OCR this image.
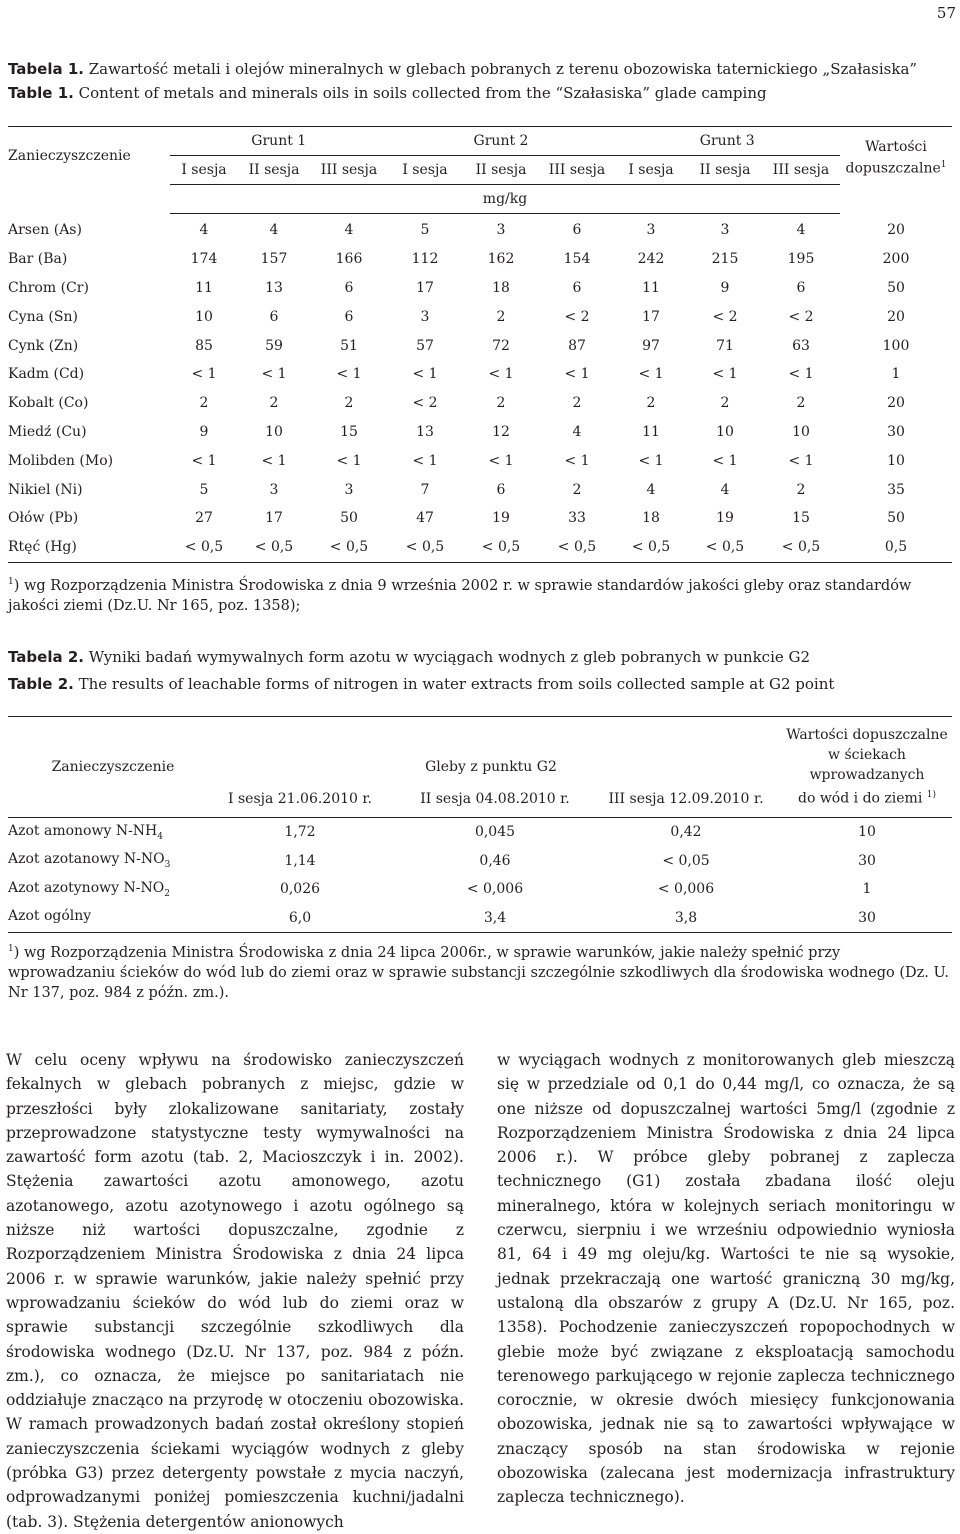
57
Tabela 1. Zawartość metali i olejów mineralnych w glebach pobranych z terenu obozowiska taternickiego „Szałasiska”
Table 1. Content of metals and minerals oils in soils collected from the “Szałasiska” glade camping
Zanieczyszczenie	Grunt 1			Grunt 2			Grunt 3			Wartości
dopuszczalne$^1$
	I sesja	II sesja	III sesja	I sesja	II sesja	III sesja	I sesja	II sesja	III sesja	
	mg/kg									
Arsen (As)	4	4	4	5	3	6	3	3	4	20
Bar (Ba)	174	157	166	112	162	154	242	215	195	200
Chrom (Cr)	11	13	6	17	18	6	11	9	6	50
Cyna (Sn)	10	6	6	3	2	< 2	17	< 2	< 2	20
Cynk (Zn)	85	59	51	57	72	87	97	71	63	100
Kadm (Cd)	< 1	< 1	< 1	< 1	< 1	< 1	< 1	< 1	< 1	1
Kobalt (Co)	2	2	2	< 2	2	2	2	2	2	20
Miedź (Cu)	9	10	15	13	12	4	11	10	10	30
Molibden (Mo)	< 1	< 1	< 1	< 1	< 1	< 1	< 1	< 1	< 1	10
Nikiel (Ni)	5	3	3	7	6	2	4	4	2	35
Ołów (Pb)	27	17	50	47	19	33	18	19	15	50
Rtęć (Hg)	< 0,5	< 0,5	< 0,5	< 0,5	< 0,5	< 0,5	< 0,5	< 0,5	< 0,5	0,5
$^1$) wg Rozporządzenia Ministra Środowiska z dnia 9 września 2002 r. w sprawie standardów jakości gleby oraz standardów jakości ziemi (Dz.U. Nr 165, poz. 1358);
Tabela 2. Wyniki badań wymywalnych form azotu w wyciągach wodnych z gleb pobranych w punkcie G2
Table 2. The results of leachable forms of nitrogen in water extracts from soils collected sample at G2 point
Zanieczyszczenie	Gleby z punktu G2			Wartości dopuszczalne
w ściekach
wprowadzanych
do wód i do ziemi $^{1)}$
	I sesja 21.06.2010 r.	II sesja 04.08.2010 r.	III sesja 12.09.2010 r.	
Azot amonowy $N-NH_4$	1,72	0,045	0,42	10
Azot azotanowy $N-NO_3$	1,14	0,46	< 0,05	30
Azot azotynowy $N-NO_2$	0,026	< 0,006	< 0,006	1
Azot ogólny	6,0	3,4	3,8	30
$^1$) wg Rozporządzenia Ministra Środowiska z dnia 24 lipca 2006r., w sprawie warunków, jakie należy spełnić przy wprowadzaniu ścieków do wód lub do ziemi oraz w sprawie substancji szczególnie szkodliwych dla środowiska wodnego (Dz. U. Nr 137, poz. 984 z późn. zm.).

W celu oceny wpływu na środowisko zanieczyszczeń fekalnych w glebach pobranych z miejsc, gdzie w przeszłości były zlokalizowane sanitariaty, zostały przeprowadzone statystyczne testy wymywalności na zawartość form azotu (tab. 2, Macioszczyk i in. 2002). Stężenia zawartości azotu amonowego, azotu azotanowego, azotu azotynowego i azotu ogólnego są niższe niż wartości dopuszczalne, zgodnie z Rozporządzeniem Ministra Środowiska z dnia 24 lipca 2006 r. w sprawie warunków, jakie należy spełnić przy wprowadzaniu ścieków do wód lub do ziemi oraz w sprawie substancji szczególnie szkodliwych dla środowiska wodnego (Dz.U. Nr 137, poz. 984 z późn. zm.), co oznacza, że miejsce po sanitariatach nie oddziałuje znacząco na przyrodę w otoczeniu obozowiska. W ramach prowadzonych badań został określony stopień zanieczyszczenia ściekami wyciągów wodnych z gleby (próbka G3) przez detergenty powstałe z mycia naczyń, odprowadzanymi poniżej pomieszczenia kuchni/jadalni (tab. 3). Stężenia detergentów anionowych

w wyciągach wodnych z monitorowanych gleb mieszczą się w przedziale od 0,1 do 0,44 mg/l, co oznacza, że są one niższe od dopuszczalnej wartości 5mg/l (zgodnie z Rozporządzeniem Ministra Środowiska z dnia 24 lipca 2006 r.). W próbce gleby pobranej z zaplecza technicznego (G1) została zbadana ilość oleju mineralnego, która w kolejnych seriach monitoringu w czerwcu, sierpniu i we wrześniu odpowiednio wyniosła 81, 64 i 49 mg oleju/kg. Wartości te nie są wysokie, jednak przekraczają one wartość graniczną 30 mg/kg, ustaloną dla obszarów z grupy A (Dz.U. Nr 165, poz. 1358). Pochodzenie zanieczyszczeń ropopochodnych w glebie może być związane z eksploatacją samochodu terenowego parkującego w rejonie zaplecza technicznego corocznie, w okresie dwóch miesięcy funkcjonowania obozowiska, jednak nie są to zawartości wpływające w znaczący sposób na stan środowiska w rejonie obozowiska (zalecana jest modernizacja infrastruktury zaplecza technicznego).
